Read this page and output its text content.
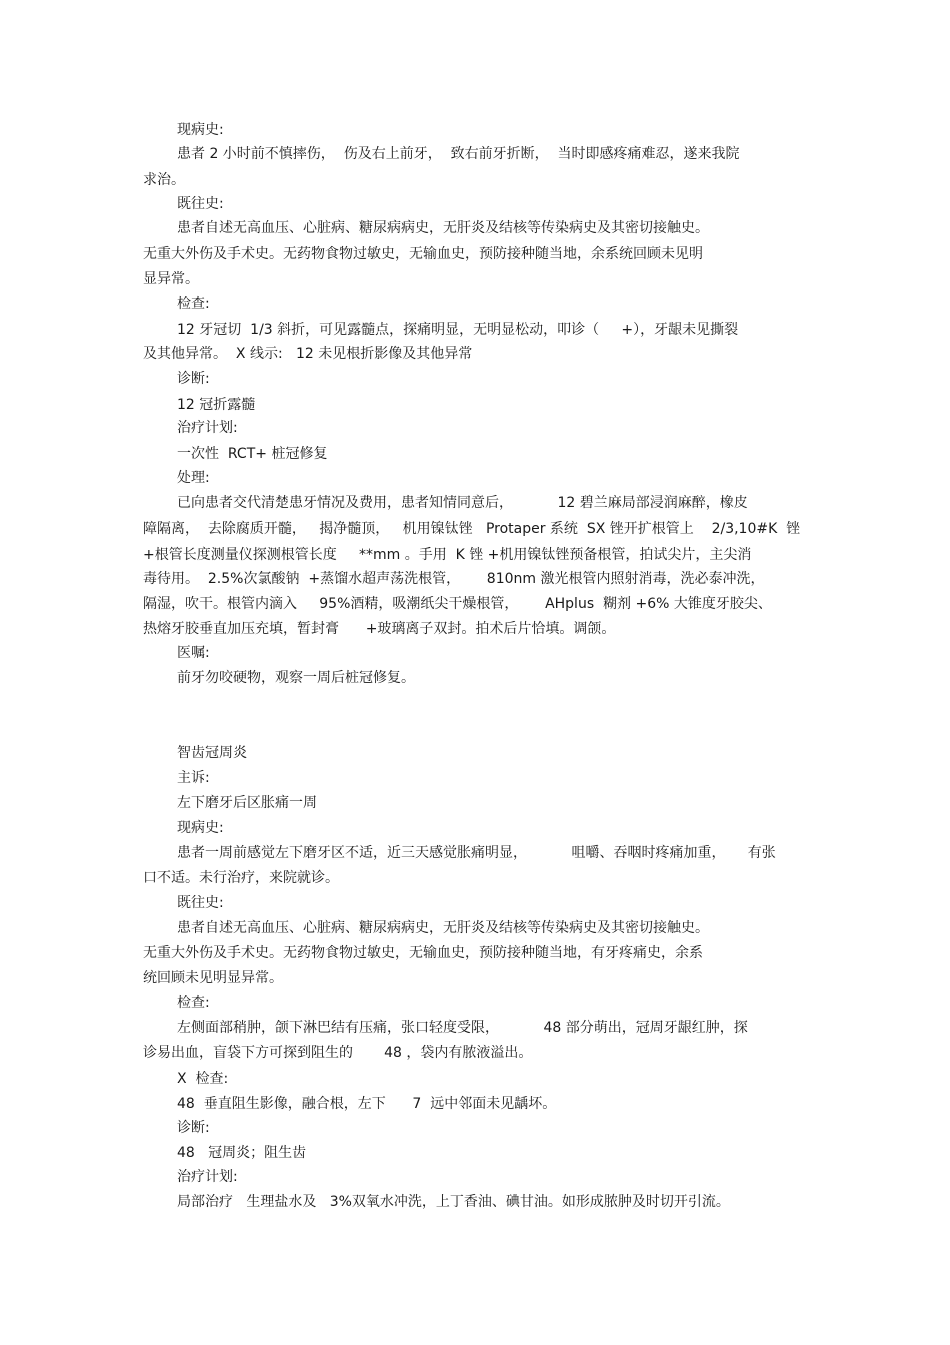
现病史:
患者 2 小时前不慎摔伤，  伤及右上前牙，  致右前牙折断，  当时即感疼痛难忍，遂来我院
求治。
既往史:
患者自述无高血压、心脏病、糖尿病病史，无肝炎及结核等传染病史及其密切接触史。
无重大外伤及手术史。无药物食物过敏史，无输血史，预防接种随当地，余系统回顾未见明
显异常。
检查:
12 牙冠切  1/3 斜折，可见露髓点，探痛明显，无明显松动，叩诊（     +），牙龈未见撕裂
及其他异常。  X 线示:   12 未见根折影像及其他异常
诊断:
12 冠折露髓
治疗计划:
一次性  RCT+ 桩冠修复
处理:
已向患者交代清楚患牙情况及费用，患者知情同意后，          12 碧兰麻局部浸润麻醉，橡皮
障隔离，  去除腐质开髓，   揭净髓顶，   机用镍钛锉   Protaper 系统  SX 锉开扩根管上    2/3,10#K  锉
+根管长度测量仪探测根管长度     **mm 。手用  K 锉 +机用镍钛锉预备根管，拍试尖片，主尖消
毒待用。  2.5%次氯酸钠  +蒸馏水超声荡洗根管，      810nm 激光根管内照射消毒，洗必泰冲洗，
隔湿，吹干。根管内滴入     95%酒精，吸潮纸尖干燥根管，      AHplus  糊剂 +6% 大锥度牙胶尖、
热熔牙胶垂直加压充填，暂封膏      +玻璃离子双封。拍术后片恰填。调颌。
医嘱:
前牙勿咬硬物，观察一周后桩冠修复。
智齿冠周炎
主诉:
左下磨牙后区胀痛一周
现病史:
患者一周前感觉左下磨牙区不适，近三天感觉胀痛明显，          咀嚼、吞咽时疼痛加重，     有张
口不适。未行治疗，来院就诊。
既往史:
患者自述无高血压、心脏病、糖尿病病史，无肝炎及结核等传染病史及其密切接触史。
无重大外伤及手术史。无药物食物过敏史，无输血史，预防接种随当地，有牙疼痛史，余系
统回顾未见明显异常。
检查:
左侧面部稍肿，颌下淋巴结有压痛，张口轻度受限，          48 部分萌出，冠周牙龈红肿，探
诊易出血，盲袋下方可探到阻生的       48 ，袋内有脓液溢出。
X  检查:
48  垂直阻生影像，融合根，左下      7  远中邻面未见龋坏。
诊断:
48   冠周炎；阻生齿
治疗计划:
局部治疗   生理盐水及   3%双氧水冲洗，上丁香油、碘甘油。如形成脓肿及时切开引流。
